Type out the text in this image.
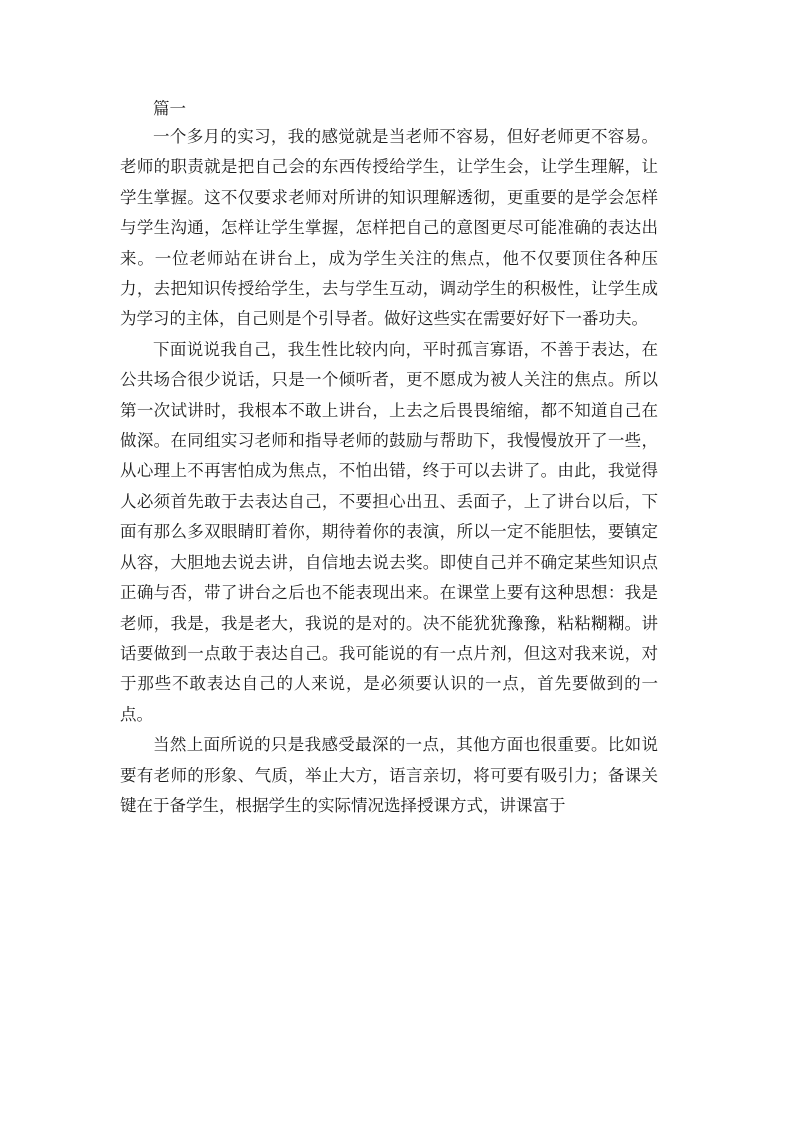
篇一

一个多月的实习，我的感觉就是当老师不容易，但好老师更不容易。老师的职责就是把自己会的东西传授给学生，让学生会，让学生理解，让学生掌握。这不仅要求老师对所讲的知识理解透彻，更重要的是学会怎样与学生沟通，怎样让学生掌握，怎样把自己的意图更尽可能准确的表达出来。一位老师站在讲台上，成为学生关注的焦点，他不仅要顶住各种压力，去把知识传授给学生，去与学生互动，调动学生的积极性，让学生成为学习的主体，自己则是个引导者。做好这些实在需要好好下一番功夫。

下面说说我自己，我生性比较内向，平时孤言寡语，不善于表达，在公共场合很少说话，只是一个倾听者，更不愿成为被人关注的焦点。所以第一次试讲时，我根本不敢上讲台，上去之后畏畏缩缩，都不知道自己在做深。在同组实习老师和指导老师的鼓励与帮助下，我慢慢放开了一些，从心理上不再害怕成为焦点，不怕出错，终于可以去讲了。由此，我觉得人必须首先敢于去表达自己，不要担心出丑、丢面子，上了讲台以后，下面有那么多双眼睛盯着你，期待着你的表演，所以一定不能胆怯，要镇定从容，大胆地去说去讲，自信地去说去奖。即使自己并不确定某些知识点正确与否，带了讲台之后也不能表现出来。在课堂上要有这种思想：我是老师，我是，我是老大，我说的是对的。决不能犹犹豫豫，粘粘糊糊。讲话要做到一点敢于表达自己。我可能说的有一点片剂，但这对我来说，对于那些不敢表达自己的人来说，是必须要认识的一点，首先要做到的一点。

当然上面所说的只是我感受最深的一点，其他方面也很重要。比如说要有老师的形象、气质，举止大方，语言亲切，将可要有吸引力；备课关键在于备学生，根据学生的实际情况选择授课方式，讲课富于
